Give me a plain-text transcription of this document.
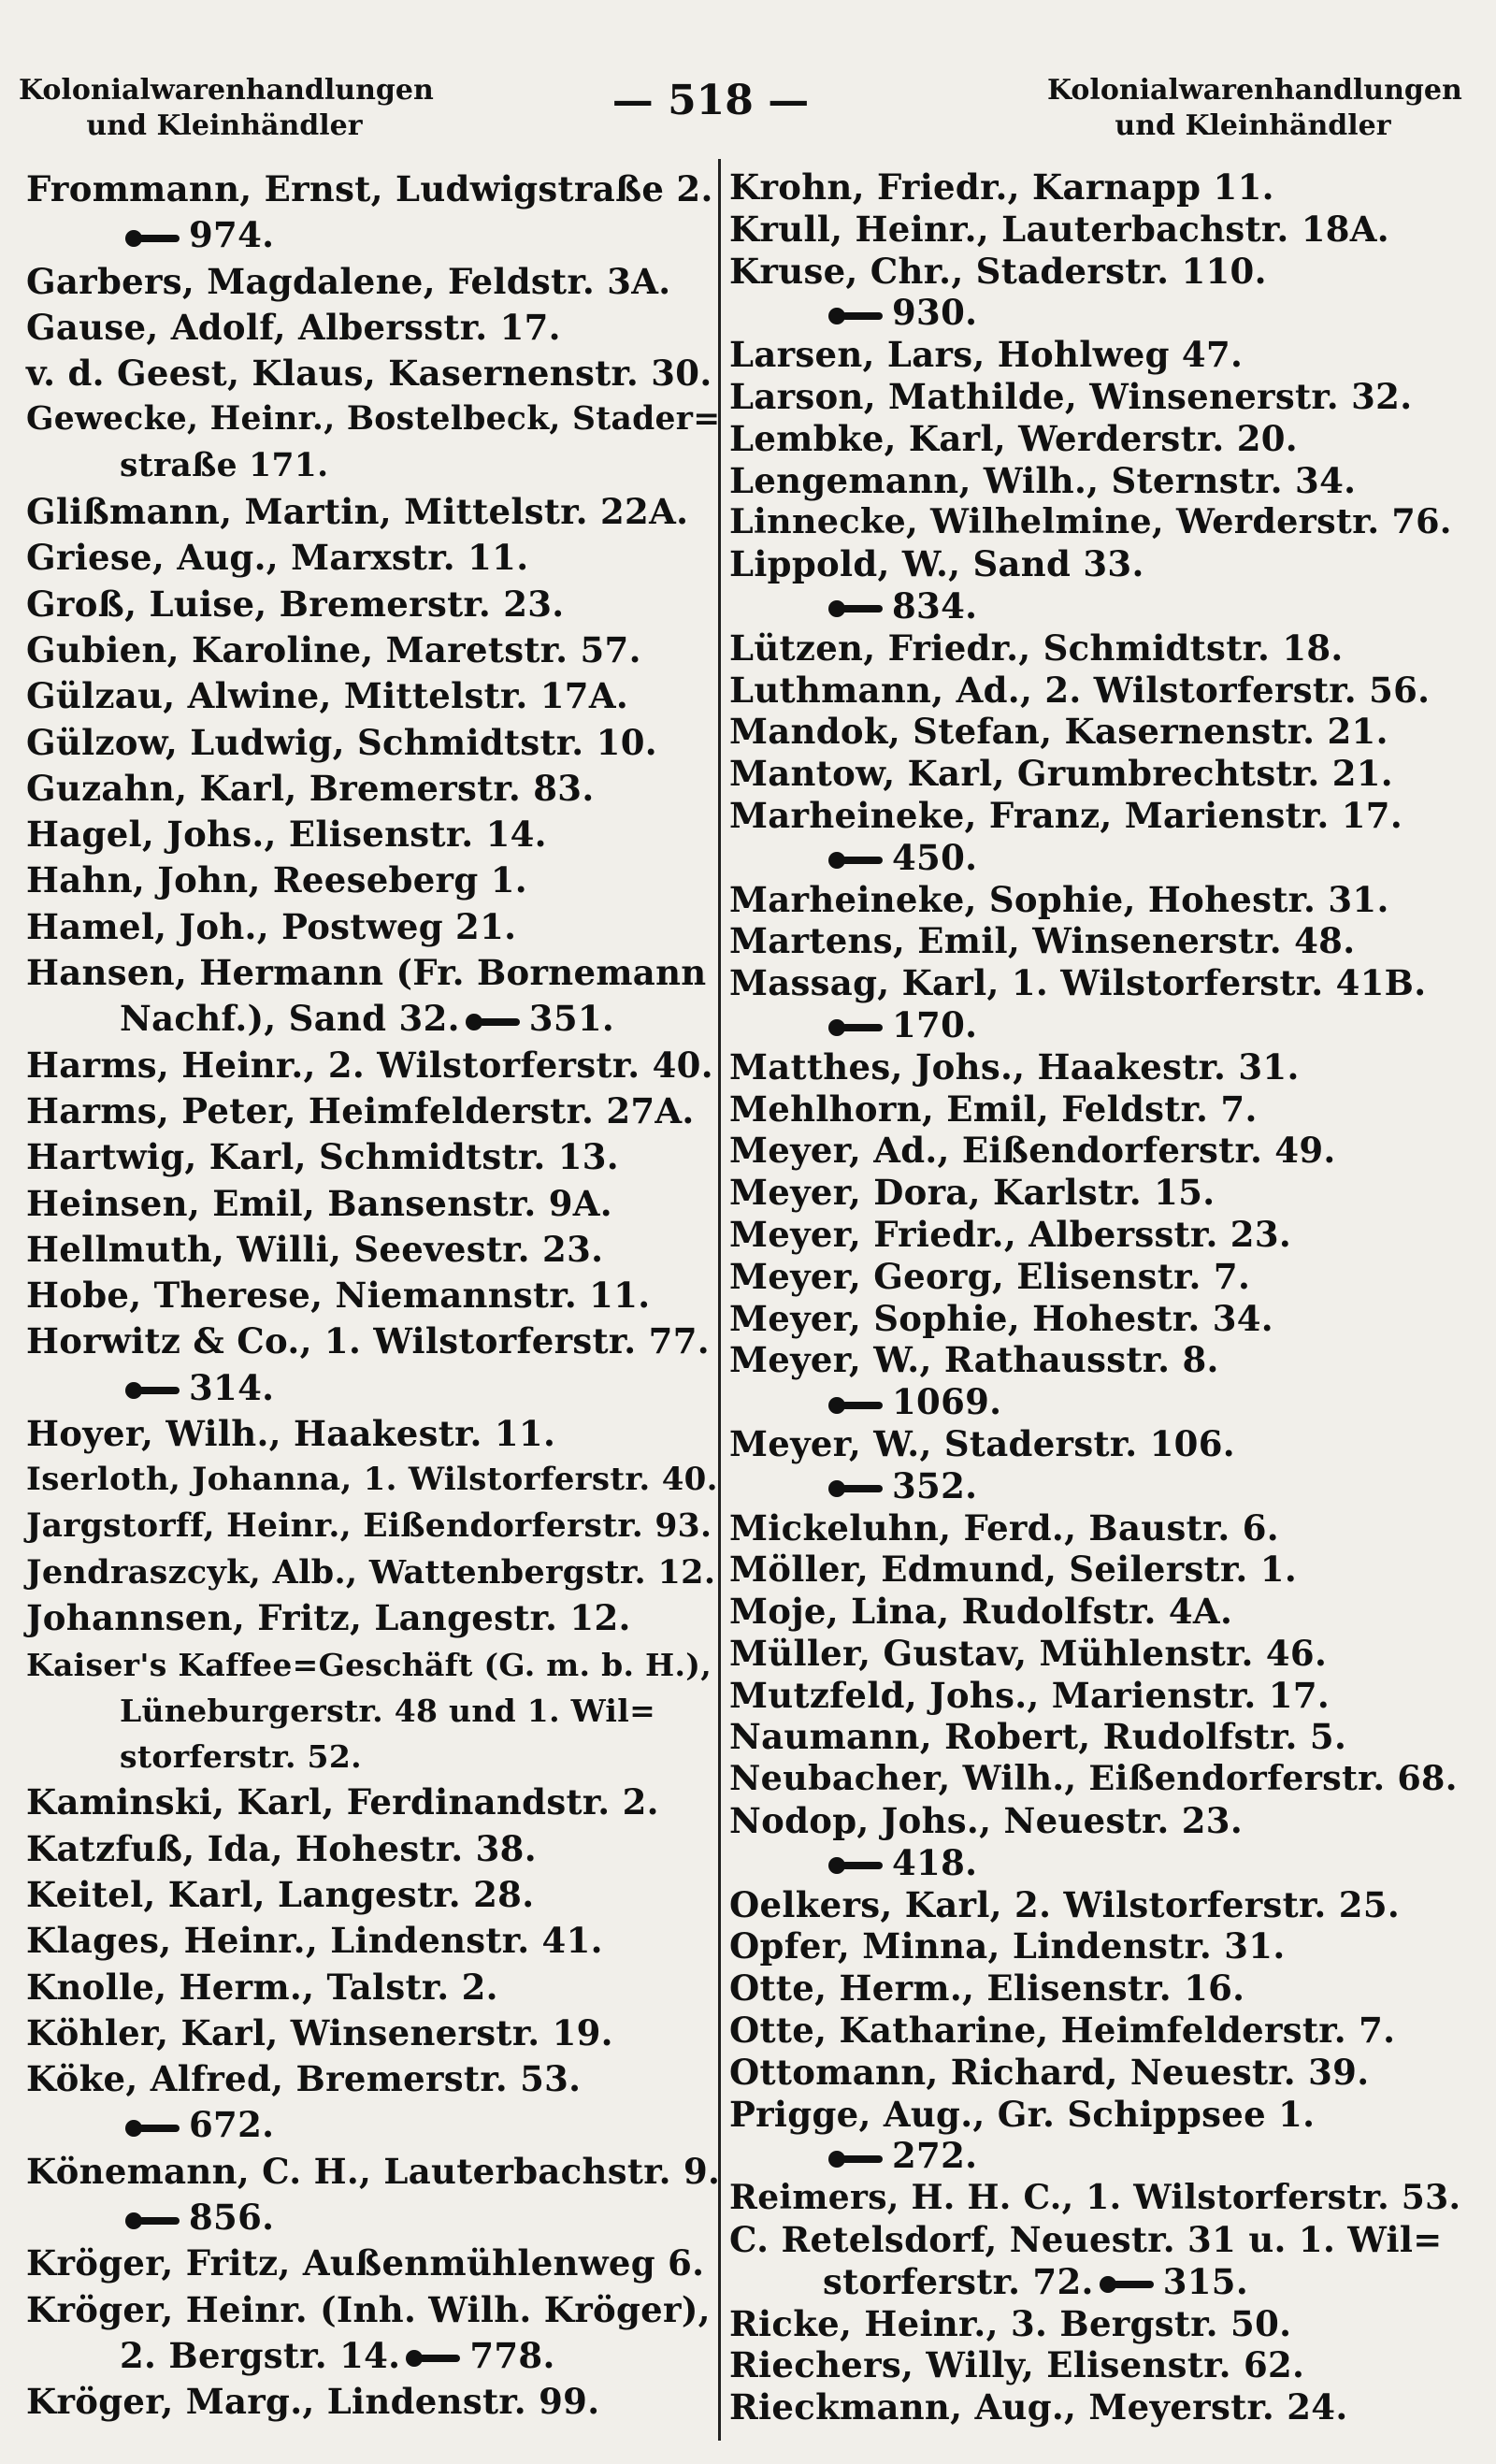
Kolonialwarenhandlungen
und Kleinhändler
— 518 —	Kolonialwarenhandlungen
und Kleinhändler
Frommann, Ernst, Ludwigstraße 2.
974.
Garbers, Magdalene, Feldstr. 3A.
Gause, Adolf, Albersstr. 17.
v. d. Geest, Klaus, Kasernenstr. 30.
Gewecke, Heinr., Bostelbeck, Stader=
straße 171.
Glißmann, Martin, Mittelstr. 22A.
Griese, Aug., Marxstr. 11.
Groß, Luise, Bremerstr. 23.
Gubien, Karoline, Maretstr. 57.
Gülzau, Alwine, Mittelstr. 17A.
Gülzow, Ludwig, Schmidtstr. 10.
Guzahn, Karl, Bremerstr. 83.
Hagel, Johs., Elisenstr. 14.
Hahn, John, Reeseberg 1.
Hamel, Joh., Postweg 21.
Hansen, Hermann (Fr. Bornemann
Nachf.), Sand 32. 351.
Harms, Heinr., 2. Wilstorferstr. 40.
Harms, Peter, Heimfelderstr. 27A.
Hartwig, Karl, Schmidtstr. 13.
Heinsen, Emil, Bansenstr. 9A.
Hellmuth, Willi, Seevestr. 23.
Hobe, Therese, Niemannstr. 11.
Horwitz & Co., 1. Wilstorferstr. 77.
314.
Hoyer, Wilh., Haakestr. 11.
Iserloth, Johanna, 1. Wilstorferstr. 40.
Jargstorff, Heinr., Eißendorferstr. 93.
Jendraszcyk, Alb., Wattenbergstr. 12.
Johannsen, Fritz, Langestr. 12.
Kaiser's Kaffee=Geschäft (G. m. b. H.),
Lüneburgerstr. 48 und 1. Wil=
storferstr. 52.
Kaminski, Karl, Ferdinandstr. 2.
Katzfuß, Ida, Hohestr. 38.
Keitel, Karl, Langestr. 28.
Klages, Heinr., Lindenstr. 41.
Knolle, Herm., Talstr. 2.
Köhler, Karl, Winsenerstr. 19.
Köke, Alfred, Bremerstr. 53.
672.
Könemann, C. H., Lauterbachstr. 9.
856.
Kröger, Fritz, Außenmühlenweg 6.
Kröger, Heinr. (Inh. Wilh. Kröger),
2. Bergstr. 14. 778.
Kröger, Marg., Lindenstr. 99.
Krohn, Friedr., Karnapp 11.
Krull, Heinr., Lauterbachstr. 18A.
Kruse, Chr., Staderstr. 110.
930.
Larsen, Lars, Hohlweg 47.
Larson, Mathilde, Winsenerstr. 32.
Lembke, Karl, Werderstr. 20.
Lengemann, Wilh., Sternstr. 34.
Linnecke, Wilhelmine, Werderstr. 76.
Lippold, W., Sand 33.
834.
Lützen, Friedr., Schmidtstr. 18.
Luthmann, Ad., 2. Wilstorferstr. 56.
Mandok, Stefan, Kasernenstr. 21.
Mantow, Karl, Grumbrechtstr. 21.
Marheineke, Franz, Marienstr. 17.
450.
Marheineke, Sophie, Hohestr. 31.
Martens, Emil, Winsenerstr. 48.
Massag, Karl, 1. Wilstorferstr. 41B.
170.
Matthes, Johs., Haakestr. 31.
Mehlhorn, Emil, Feldstr. 7.
Meyer, Ad., Eißendorferstr. 49.
Meyer, Dora, Karlstr. 15.
Meyer, Friedr., Albersstr. 23.
Meyer, Georg, Elisenstr. 7.
Meyer, Sophie, Hohestr. 34.
Meyer, W., Rathausstr. 8.
1069.
Meyer, W., Staderstr. 106.
352.
Mickeluhn, Ferd., Baustr. 6.
Möller, Edmund, Seilerstr. 1.
Moje, Lina, Rudolfstr. 4A.
Müller, Gustav, Mühlenstr. 46.
Mutzfeld, Johs., Marienstr. 17.
Naumann, Robert, Rudolfstr. 5.
Neubacher, Wilh., Eißendorferstr. 68.
Nodop, Johs., Neuestr. 23.
418.
Oelkers, Karl, 2. Wilstorferstr. 25.
Opfer, Minna, Lindenstr. 31.
Otte, Herm., Elisenstr. 16.
Otte, Katharine, Heimfelderstr. 7.
Ottomann, Richard, Neuestr. 39.
Prigge, Aug., Gr. Schippsee 1.
272.
Reimers, H. H. C., 1. Wilstorferstr. 53.
C. Retelsdorf, Neuestr. 31 u. 1. Wil=
storferstr. 72. 315.
Ricke, Heinr., 3. Bergstr. 50.
Riechers, Willy, Elisenstr. 62.
Rieckmann, Aug., Meyerstr. 24.
